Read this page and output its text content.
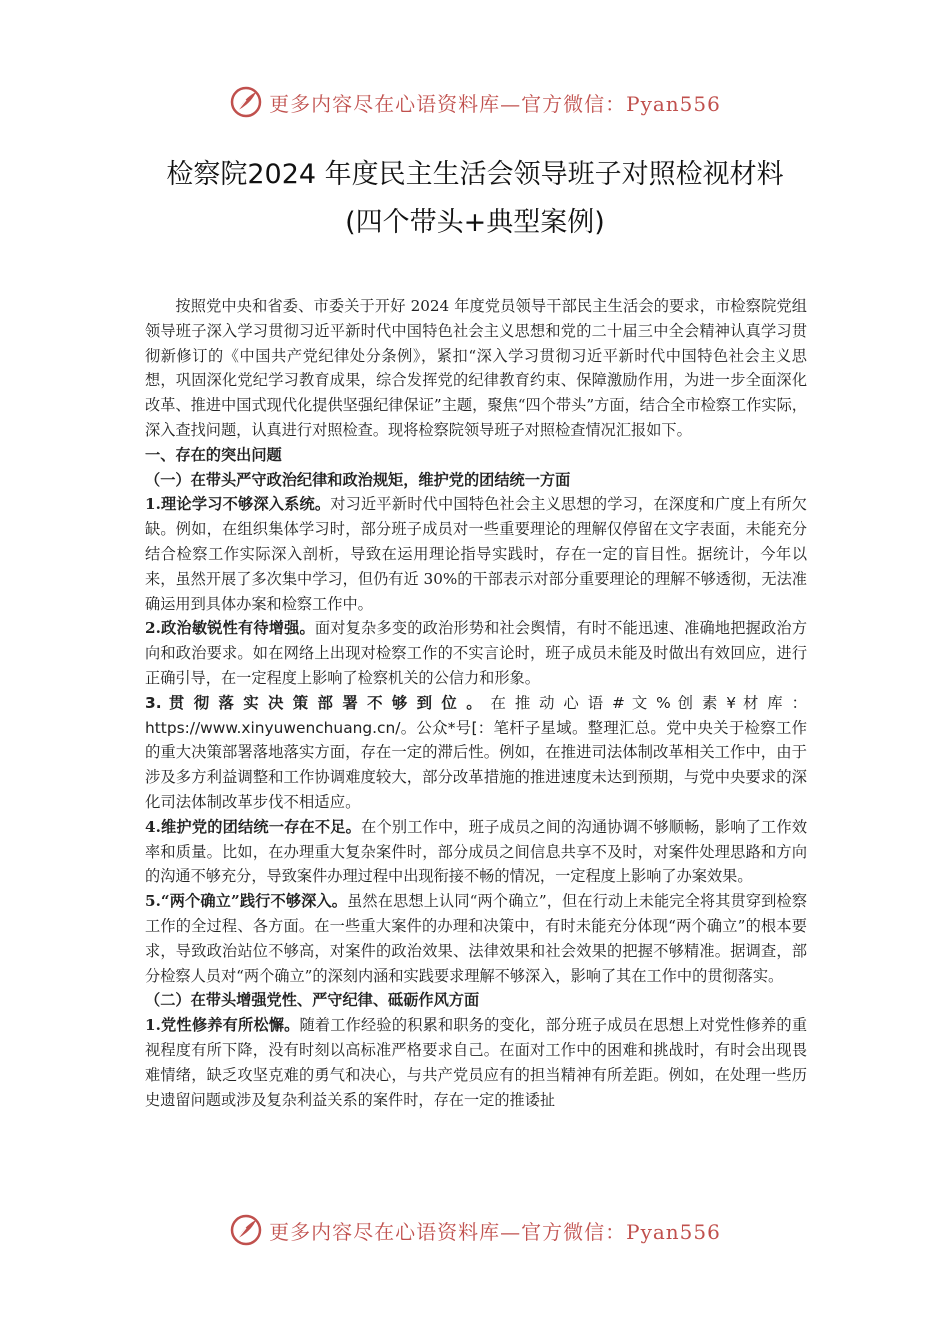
更多内容尽在心语资料库—官方微信：Pyan556
检察院2024 年度民主生活会领导班子对照检视材料
(四个带头+典型案例)

按照党中央和省委、市委关于开好 2024 年度党员领导干部民主生活会的要求，市检察院党组领导班子深入学习贯彻习近平新时代中国特色社会主义思想和党的二十届三中全会精神认真学习贯彻新修订的《中国共产党纪律处分条例》，紧扣“深入学习贯彻习近平新时代中国特色社会主义思想，巩固深化党纪学习教育成果，综合发挥党的纪律教育约束、保障激励作用，为进一步全面深化改革、推进中国式现代化提供坚强纪律保证”主题，聚焦“四个带头”方面，结合全市检察工作实际，深入查找问题，认真进行对照检查。现将检察院领导班子对照检查情况汇报如下。

一、存在的突出问题

（一）在带头严守政治纪律和政治规矩，维护党的团结统一方面

1.理论学习不够深入系统。对习近平新时代中国特色社会主义思想的学习，在深度和广度上有所欠缺。例如，在组织集体学习时，部分班子成员对一些重要理论的理解仅停留在文字表面，未能充分结合检察工作实际深入剖析，导致在运用理论指导实践时，存在一定的盲目性。据统计，今年以来，虽然开展了多次集中学习，但仍有近 30%的干部表示对部分重要理论的理解不够透彻，无法准确运用到具体办案和检察工作中。

2.政治敏锐性有待增强。面对复杂多变的政治形势和社会舆情，有时不能迅速、准确地把握政治方向和政治要求。如在网络上出现对检察工作的不实言论时，班子成员未能及时做出有效回应，进行正确引导，在一定程度上影响了检察机关的公信力和形象。

3. 贯 彻 落 实 决 策 部 署 不 够 到 位 。 在 推 动 心 语 # 文 % 创 素 ¥ 材 库 ： https://www.xinyuwenchuang.cn/。公众*号[：笔杆子星域。整理汇总。党中央关于检察工作的重大决策部署落地落实方面，存在一定的滞后性。例如，在推进司法体制改革相关工作中，由于涉及多方利益调整和工作协调难度较大，部分改革措施的推进速度未达到预期，与党中央要求的深化司法体制改革步伐不相适应。

4.维护党的团结统一存在不足。在个别工作中，班子成员之间的沟通协调不够顺畅，影响了工作效率和质量。比如，在办理重大复杂案件时，部分成员之间信息共享不及时，对案件处理思路和方向的沟通不够充分，导致案件办理过程中出现衔接不畅的情况，一定程度上影响了办案效果。

5.“两个确立”践行不够深入。虽然在思想上认同“两个确立”，但在行动上未能完全将其贯穿到检察工作的全过程、各方面。在一些重大案件的办理和决策中，有时未能充分体现“两个确立”的根本要求，导致政治站位不够高，对案件的政治效果、法律效果和社会效果的把握不够精准。据调查，部分检察人员对“两个确立”的深刻内涵和实践要求理解不够深入，影响了其在工作中的贯彻落实。

（二）在带头增强党性、严守纪律、砥砺作风方面

1.党性修养有所松懈。随着工作经验的积累和职务的变化，部分班子成员在思想上对党性修养的重视程度有所下降，没有时刻以高标准严格要求自己。在面对工作中的困难和挑战时，有时会出现畏难情绪，缺乏攻坚克难的勇气和决心，与共产党员应有的担当精神有所差距。例如，在处理一些历史遗留问题或涉及复杂利益关系的案件时，存在一定的推诿扯

更多内容尽在心语资料库—官方微信：Pyan556
